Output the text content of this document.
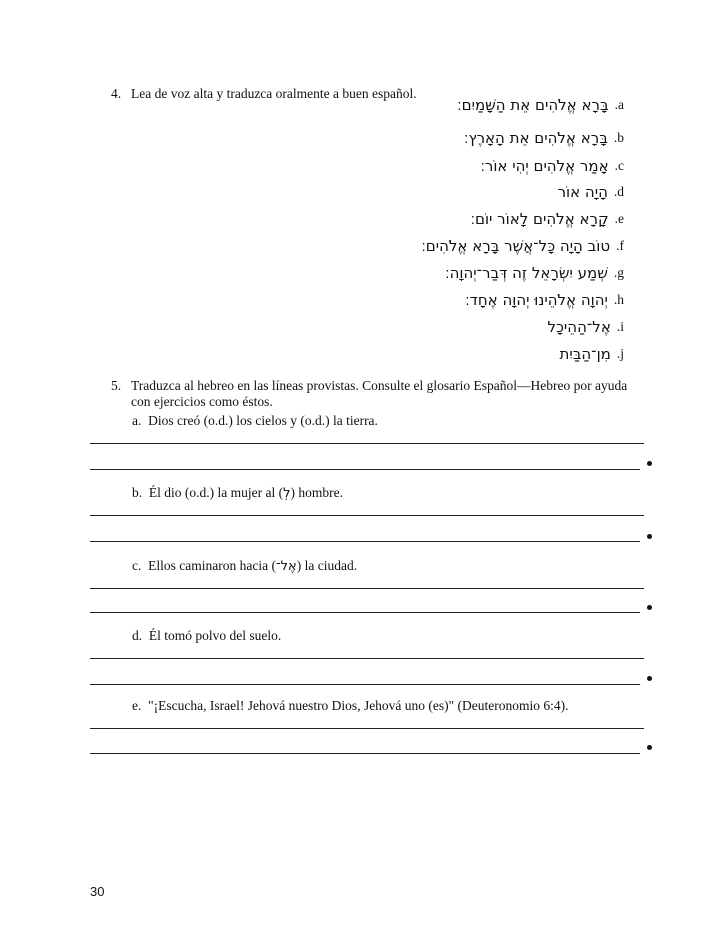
4. Lea de voz alta y traduzca oralmente a buen español.
.a
בָּרָא אֱלֹהִים אֵת הַשָּׁמַיִם׃
.b
בָּרָא אֱלֹהִים אֵת הָאָרֶץ׃
.c
אָמַר אֱלֹהִים יְהִי אוֹר׃
.d
הָיָה אוֹר
.e
קָרָא אֱלֹהִים לָאוֹר יוֹם׃
.f
טוֹב הָיָה כָּל־אֲשֶׁר בָּרָא אֱלֹהִים׃
.g
שְׁמַע יִשְׂרָאֵל זֶה דְּבַר־יְהוָה׃
.h
יְהוָה אֱלֹהֵינוּ יְהוָה אֶחָד׃
.i
אֶל־הַהֵיכָל
.j
מִן־הַבַּיִת
5. Traduzca al hebreo en las líneas provistas. Consulte el glosario Español—Hebreo por ayuda con ejercicios como éstos.
a. Dios creó (o.d.) los cielos y (o.d.) la tierra.
b. Él dio (o.d.) la mujer al (לְ) hombre.
c. Ellos caminaron hacia (אֶל־) la ciudad.
d. Él tomó polvo del suelo.
e. "¡Escucha, Israel! Jehová nuestro Dios, Jehová uno (es)" (Deuteronomio 6:4).
30
